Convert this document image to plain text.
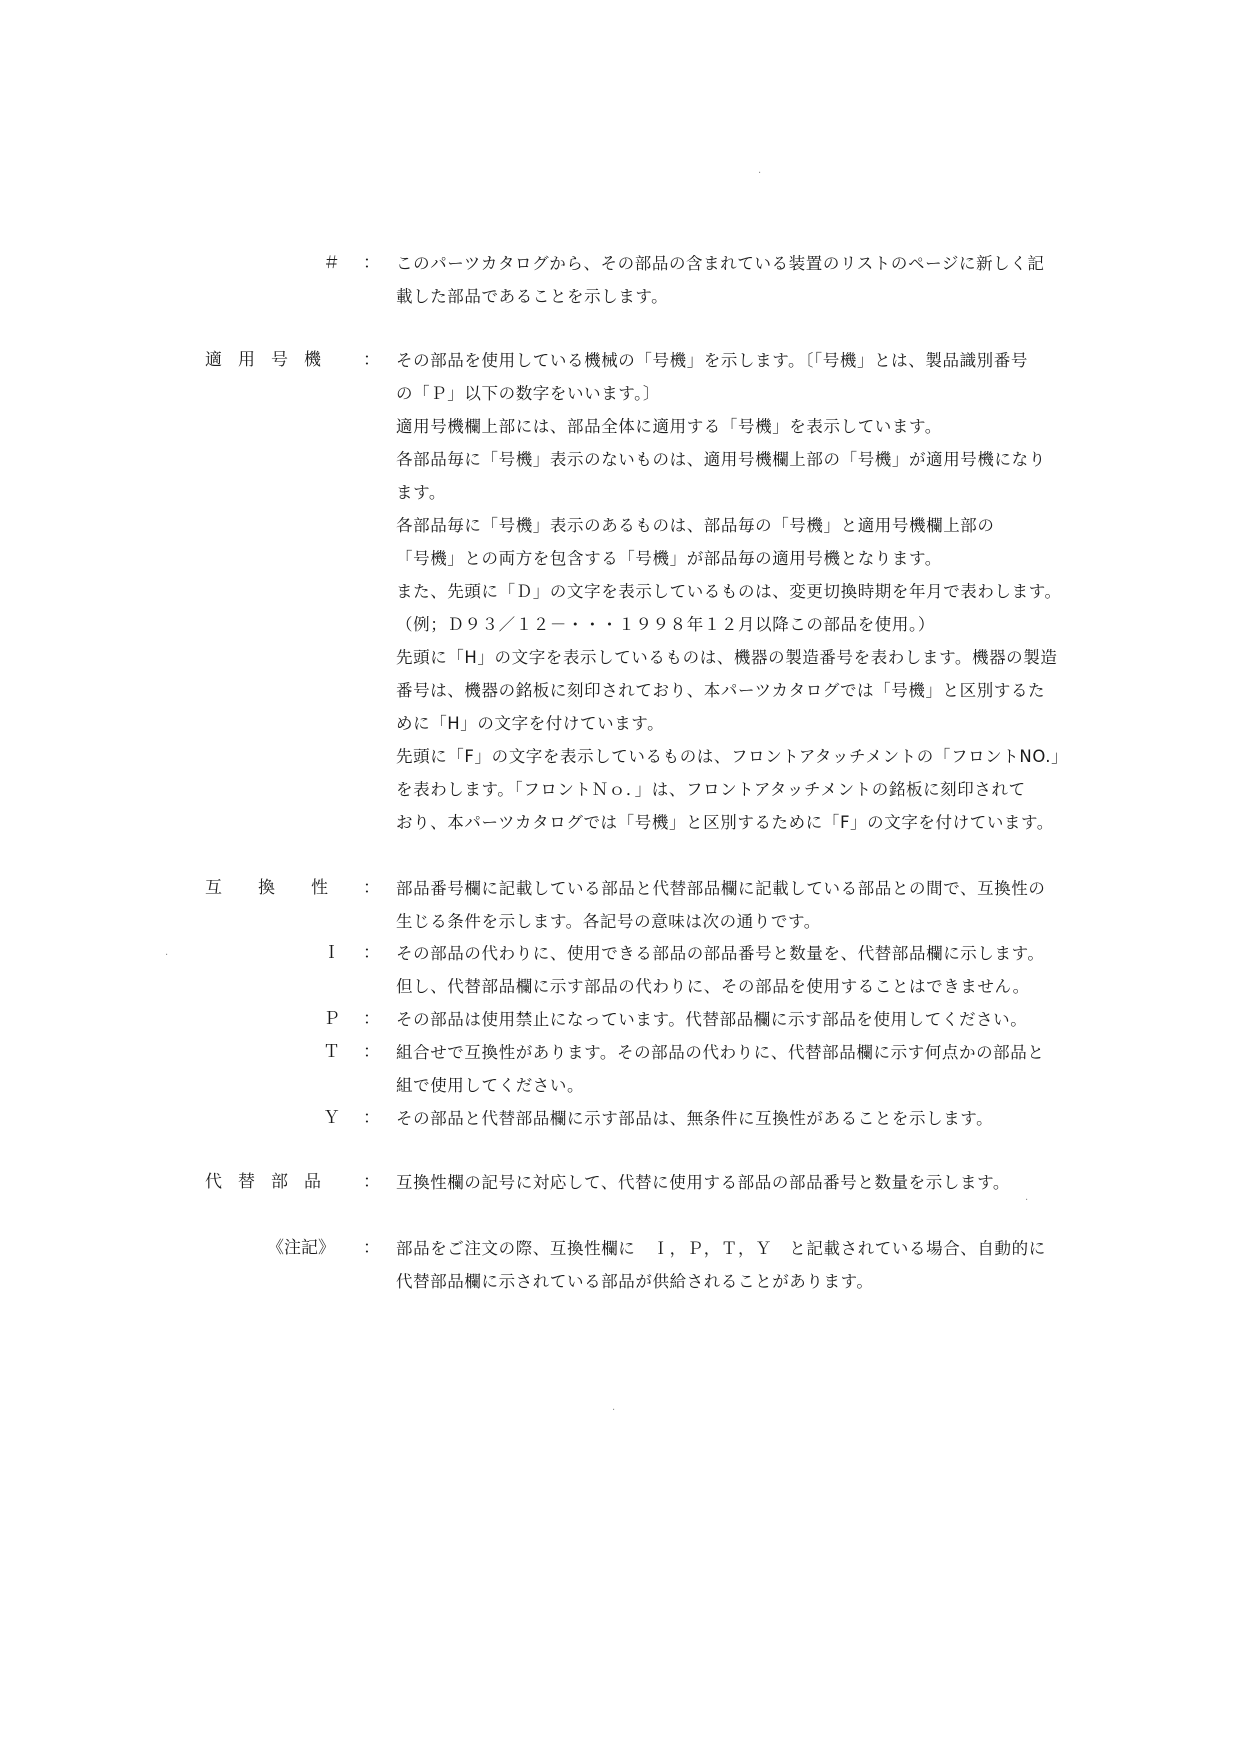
·
＃ ： このパーツカタログから、その部品の含まれている装置のリストのページに新しく記

載した部品であることを示します。

適用号機	： その部品を使用している機械の「号機」を示します。〔「号機」とは、製品識別番号

の「Ｐ」以下の数字をいいます。〕

適用号機欄上部には、部品全体に適用する「号機」を表示しています。

各部品毎に「号機」表示のないものは、適用号機欄上部の「号機」が適用号機になり

ます。

各部品毎に「号機」表示のあるものは、部品毎の「号機」と適用号機欄上部の

「号機」との両方を包含する「号機」が部品毎の適用号機となります。

また、先頭に「Ｄ」の文字を表示しているものは、変更切換時期を年月で表わします。

（例；Ｄ９３／１２－・・・１９９８年１２月以降この部品を使用。）

先頭に「H」の文字を表示しているものは、機器の製造番号を表わします。機器の製造

番号は、機器の銘板に刻印されており、本パーツカタログでは「号機」と区別するた

めに「H」の文字を付けています。

先頭に「F」の文字を表示しているものは、フロントアタッチメントの「フロントNO.」

を表わします。「フロントＮｏ．」は、フロントアタッチメントの銘板に刻印されて

おり、本パーツカタログでは「号機」と区別するために「F」の文字を付けています。

互換性 ： 部品番号欄に記載している部品と代替部品欄に記載している部品との間で、互換性の

生じる条件を示します。各記号の意味は次の通りです。

·	Ｉ ： その部品の代わりに、使用できる部品の部品番号と数量を、代替部品欄に示します。

但し、代替部品欄に示す部品の代わりに、その部品を使用することはできません。

Ｐ ： その部品は使用禁止になっています。代替部品欄に示す部品を使用してください。

Ｔ ： 組合せで互換性があります。その部品の代わりに、代替部品欄に示す何点かの部品と

組で使用してください。

Ｙ ： その部品と代替部品欄に示す部品は、無条件に互換性があることを示します。

代替部品	： 互換性欄の記号に対応して、代替に使用する部品の部品番号と数量を示します。

·
《注記》 ： 部品をご注文の際、互換性欄に　Ｉ，Ｐ，Ｔ，Ｙ　と記載されている場合、自動的に

代替部品欄に示されている部品が供給されることがあります。

·
